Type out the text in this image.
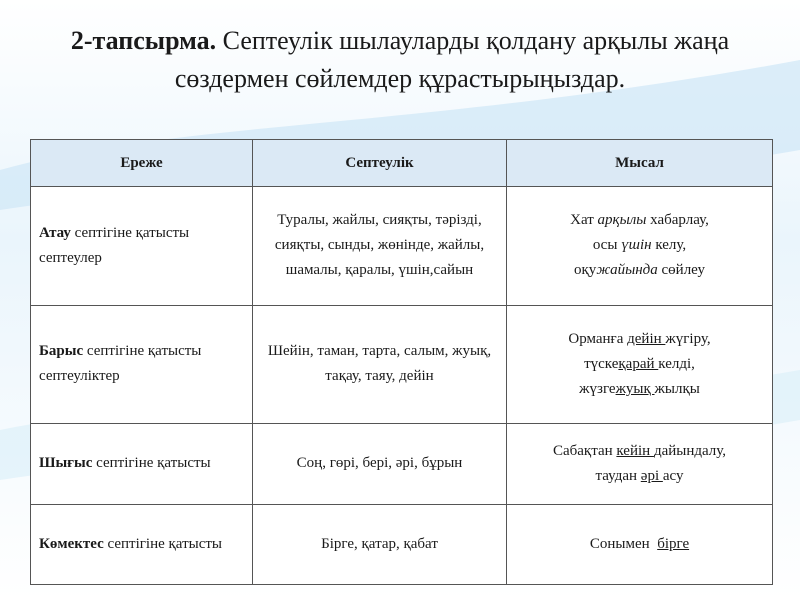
2-тапсырма. Септеулік шылауларды қолдану арқылы жаңа сөздермен сөйлемдер құрастырыңыздар.
Ереже	Септеулік	Мысал
Атау септігіне қатысты септеулер	Туралы, жайлы, сияқты, тәрізді, сияқты, сынды, жөнінде, жайлы, шамалы, қаралы, үшін,сайын	Хат арқылы хабарлау,
осы үшін келу,
оқужайында сөйлеу

Барыс септігіне қатысты септеуліктер	Шейін, таман, тарта, салым, жуық, тақау, таяу, дейін	Орманға дейін жүгіру,
түскеқарай келді,
жүзгежуық жылқы

Шығыс септігіне қатысты	Соң, гөрі, бері, әрі, бұрын	Сабақтан кейін дайындалу,
таудан әрі асу

Көмектес септігіне қатысты	Бірге, қатар, қабат	Сонымен  бірге
